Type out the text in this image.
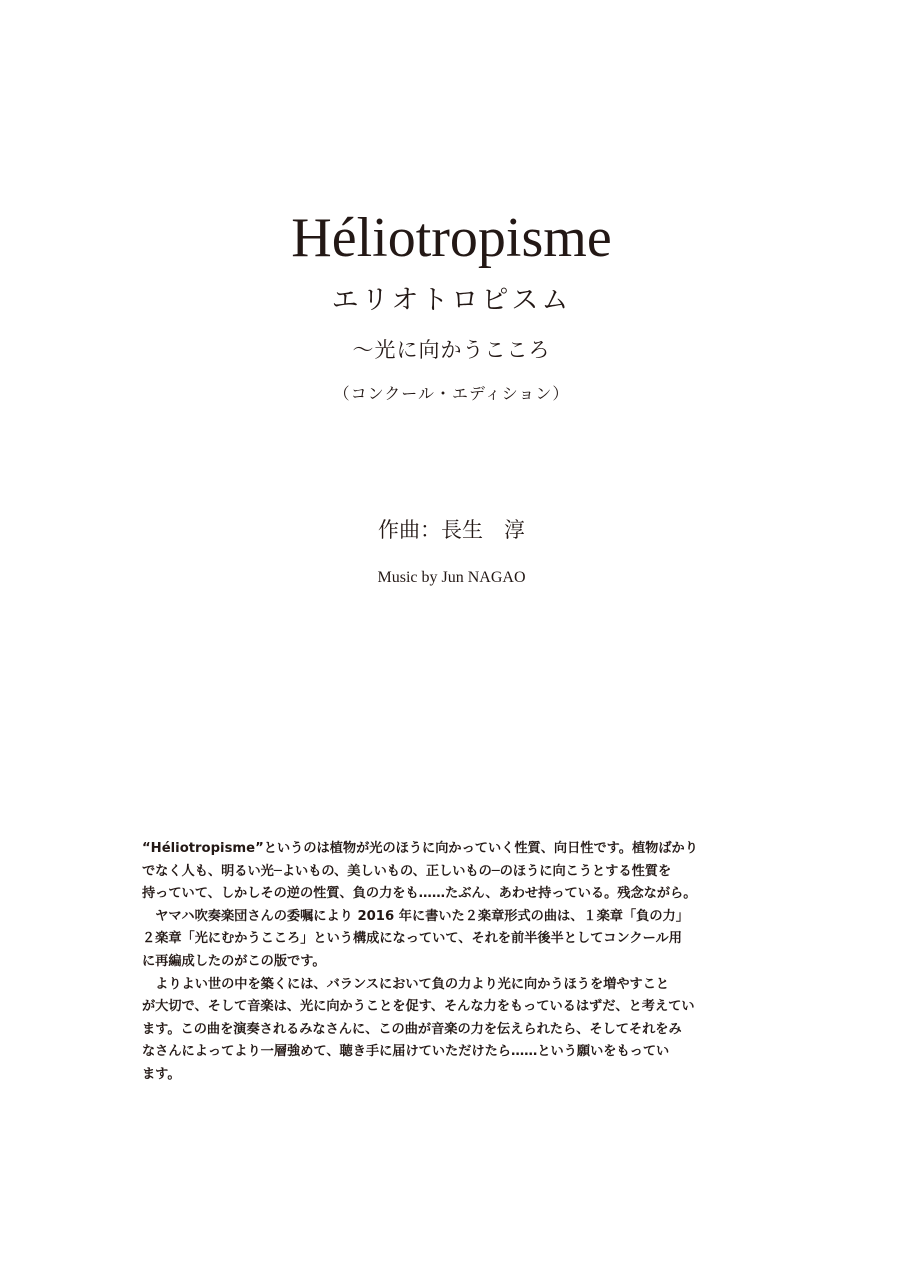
Héliotropisme
エリオトロピスム
〜光に向かうこころ
（コンクール・エディション）
作曲：長生　淳
Music by Jun NAGAO

“Héliotropisme”というのは植物が光のほうに向かっていく性質、向日性です。植物ばかり

でなく人も、明るい光─よいもの、美しいもの、正しいもの─のほうに向こうとする性質を

持っていて、しかしその逆の性質、負の力をも……たぶん、あわせ持っている。残念ながら。

　ヤマハ吹奏楽団さんの委嘱により 2016 年に書いた２楽章形式の曲は、１楽章「負の力」

２楽章「光にむかうこころ」という構成になっていて、それを前半後半としてコンクール用

に再編成したのがこの版です。

　よりよい世の中を築くには、バランスにおいて負の力より光に向かうほうを増やすこと

が大切で、そして音楽は、光に向かうことを促す、そんな力をもっているはずだ、と考えてい

ます。この曲を演奏されるみなさんに、この曲が音楽の力を伝えられたら、そしてそれをみ

なさんによってより一層強めて、聴き手に届けていただけたら……という願いをもってい

ます。
